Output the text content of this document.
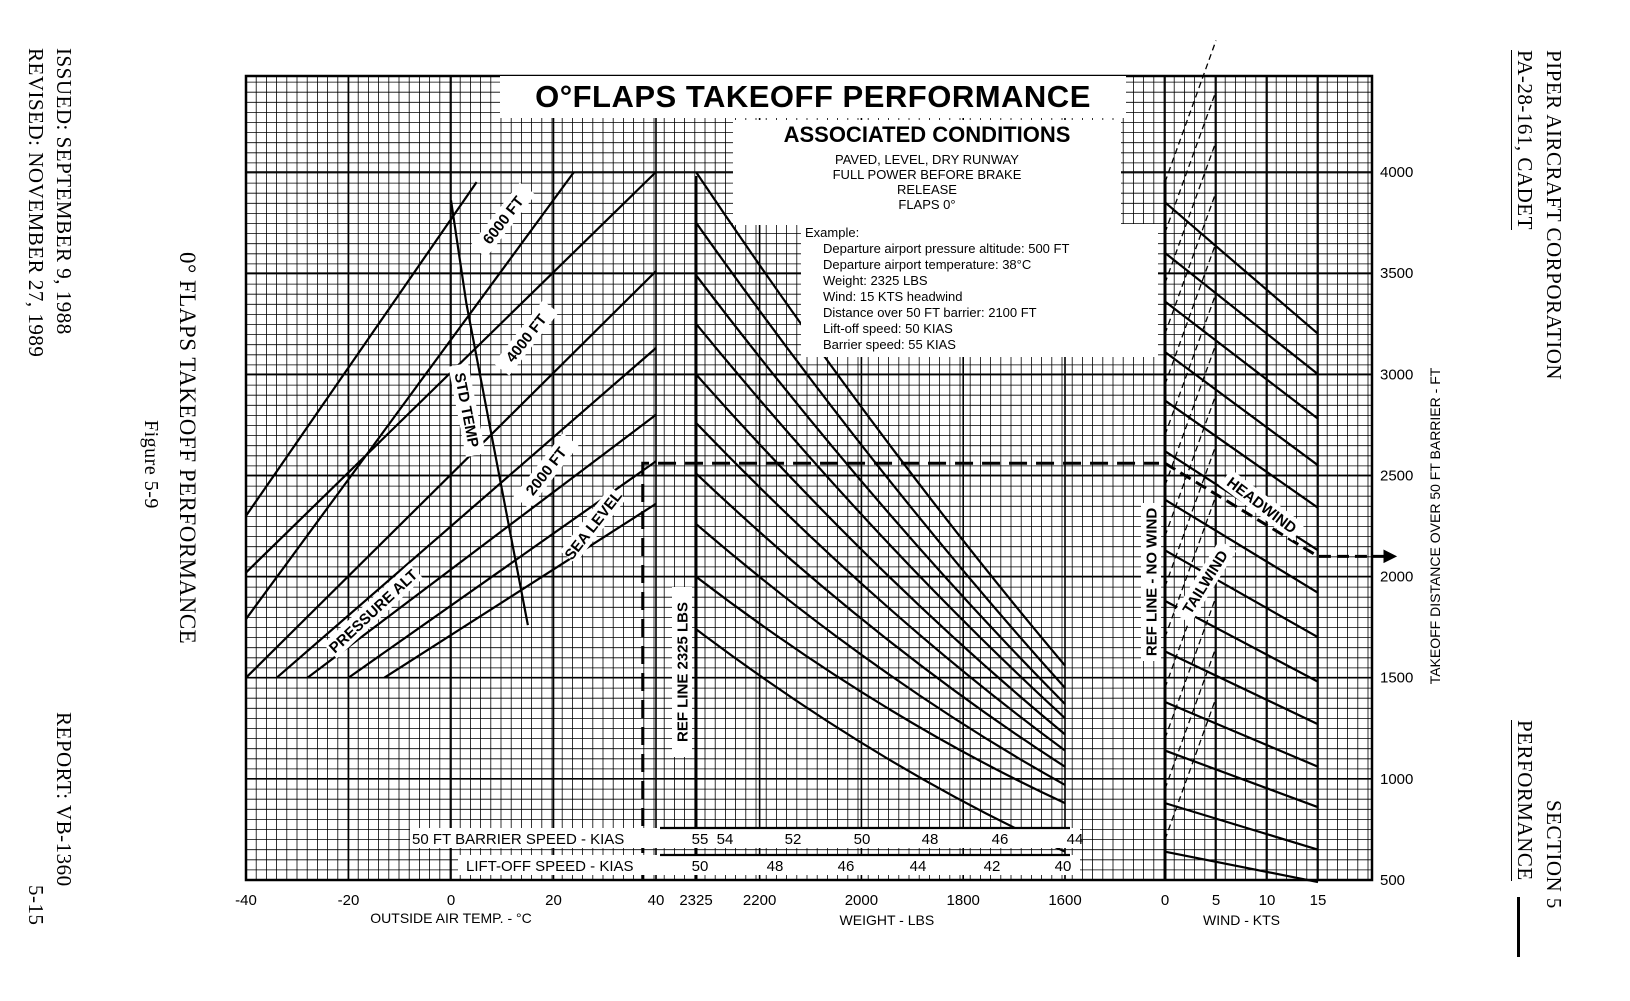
ISSUED: SEPTEMBER 9, 1988
REVISED: NOVEMBER 27, 1989
0° FLAPS TAKEOFF PERFORMANCE
Figure 5-9
REPORT: VB-1360
5-15
PIPER AIRCRAFT CORPORATION
PA-28-161, CADET
SECTION 5
PERFORMANCE
4000
3500
3000
2500
2000
1500
1000
500
TAKEOFF DISTANCE OVER 50 FT BARRIER - FT
-40	-20	0	20	40 2325 2200	2000	1800	1600	0	5	10 15
OUTSIDE AIR TEMP. - °C	WEIGHT - LBS	WIND - KTS
SEA LEVEL
2000 FT
4000 FT
6000 FT
PRESSURE ALT
STD TEMP
REF LINE 2325 LBS
REF LINE - NO WIND
HEADWIND
TAILWIND
50 FT BARRIER SPEED - KIAS
LIFT-OFF SPEED - KIAS
55 54	52	50	48	46	44
50	48	46	44	42	40
O°FLAPS TAKEOFF PERFORMANCE
ASSOCIATED CONDITIONS
PAVED, LEVEL, DRY RUNWAY
FULL POWER BEFORE BRAKE
RELEASE
FLAPS 0°
Example:
Departure airport pressure altitude: 500 FT
Departure airport temperature: 38°C
Weight: 2325 LBS
Wind: 15 KTS headwind
Distance over 50 FT barrier: 2100 FT
Lift-off speed: 50 KIAS
Barrier speed: 55 KIAS
